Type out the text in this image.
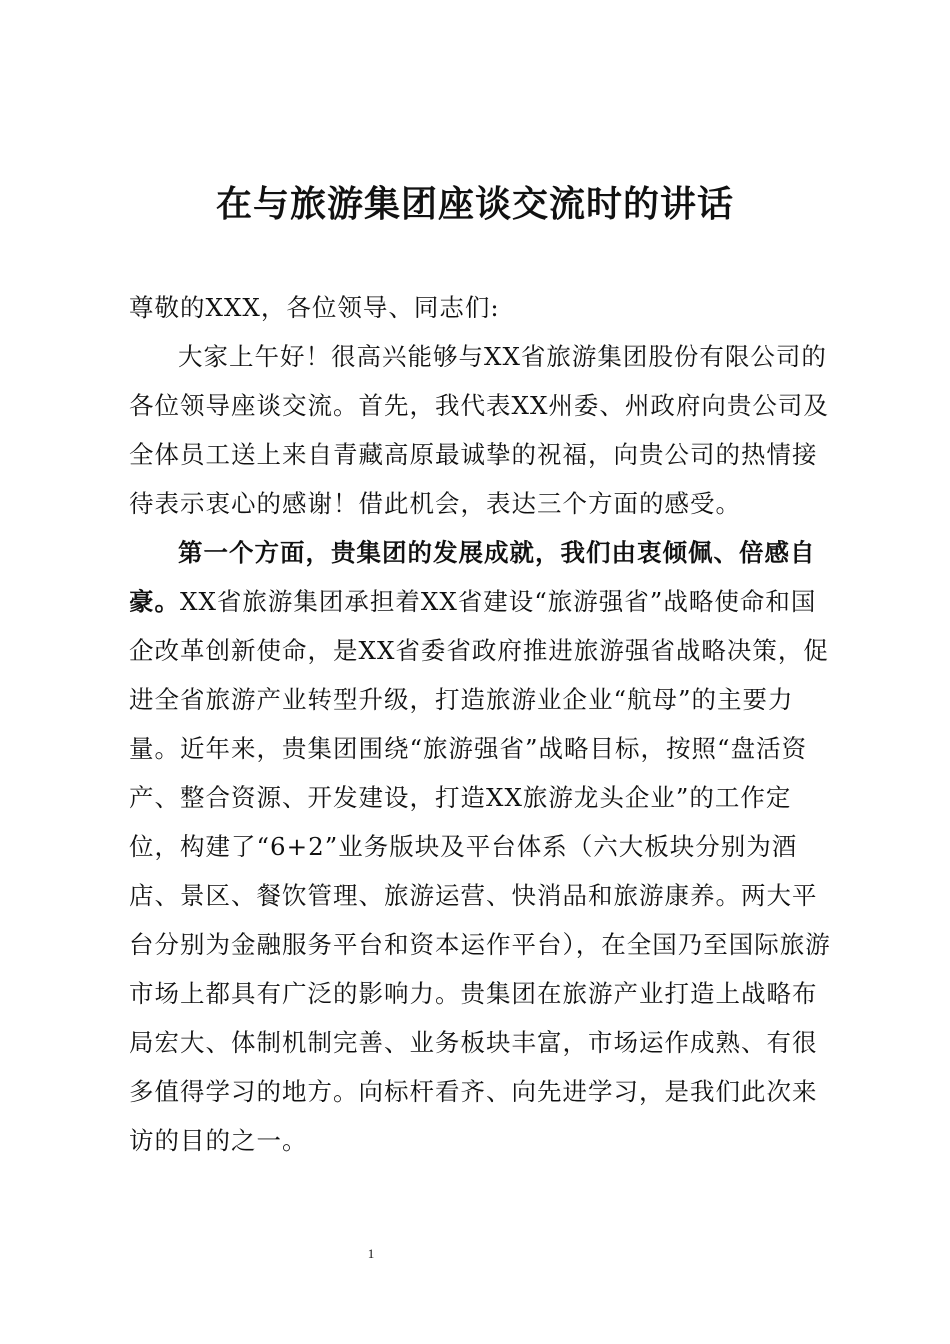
在与旅游集团座谈交流时的讲话

尊敬的XXX，各位领导、同志们:

大家上午好！很高兴能够与XX省旅游集团股份有限公司的各位领导座谈交流。首先，我代表XX州委、州政府向贵公司及全体员工送上来自青藏高原最诚挚的祝福，向贵公司的热情接待表示衷心的感谢！借此机会，表达三个方面的感受。

第一个方面，贵集团的发展成就，我们由衷倾佩、倍感自豪。XX省旅游集团承担着XX省建设“旅游强省”战略使命和国企改革创新使命，是XX省委省政府推进旅游强省战略决策，促进全省旅游产业转型升级，打造旅游业企业“航母”的主要力量。近年来，贵集团围绕“旅游强省”战略目标，按照“盘活资产、整合资源、开发建设，打造XX旅游龙头企业”的工作定位，构建了“6+2”业务版块及平台体系（六大板块分别为酒店、景区、餐饮管理、旅游运营、快消品和旅游康养。两大平台分别为金融服务平台和资本运作平台），在全国乃至国际旅游市场上都具有广泛的影响力。贵集团在旅游产业打造上战略布局宏大、体制机制完善、业务板块丰富，市场运作成熟、有很多值得学习的地方。向标杆看齐、向先进学习，是我们此次来访的目的之一。

1
